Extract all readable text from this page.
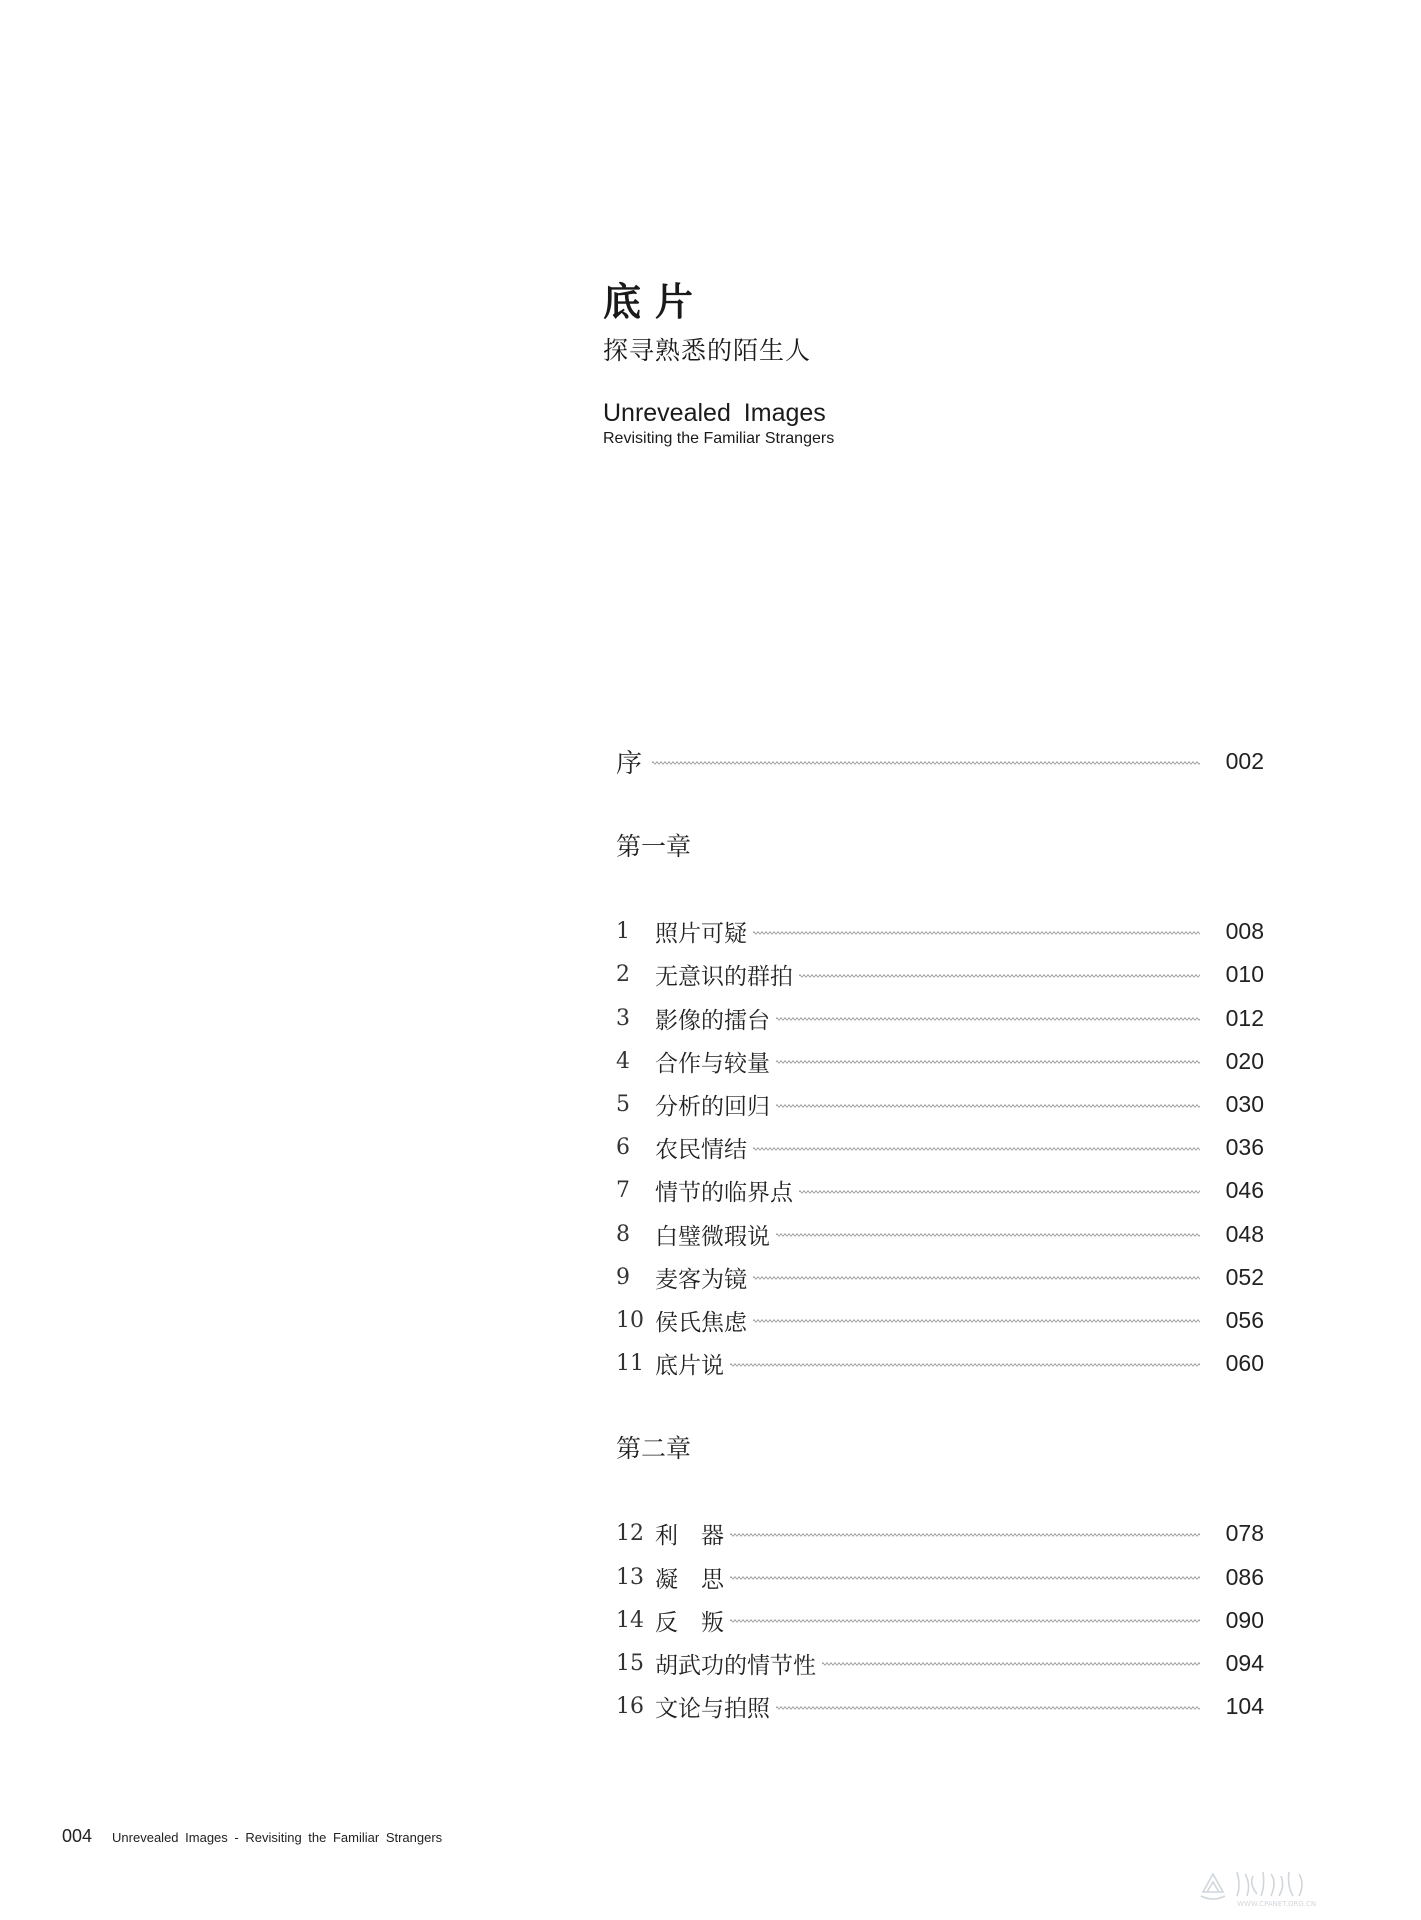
底片
探寻熟悉的陌生人
Unrevealed Images
Revisiting the Familiar Strangers
序	002
第一章
1	照片可疑	008
2	无意识的群拍	010
3	影像的擂台	012
4	合作与较量	020
5	分析的回归	030
6	农民情结	036
7	情节的临界点	046
8	白璧微瑕说	048
9	麦客为镜	052
10 侯氏焦虑	056
11 底片说	060
第二章
12 利　器	078
13 凝　思	086
14 反　叛	090
15 胡武功的情节性	094
16 文论与拍照	104
004 Unrevealed Images - Revisiting the Familiar Strangers
WWW.CPANET.ORG.CN
